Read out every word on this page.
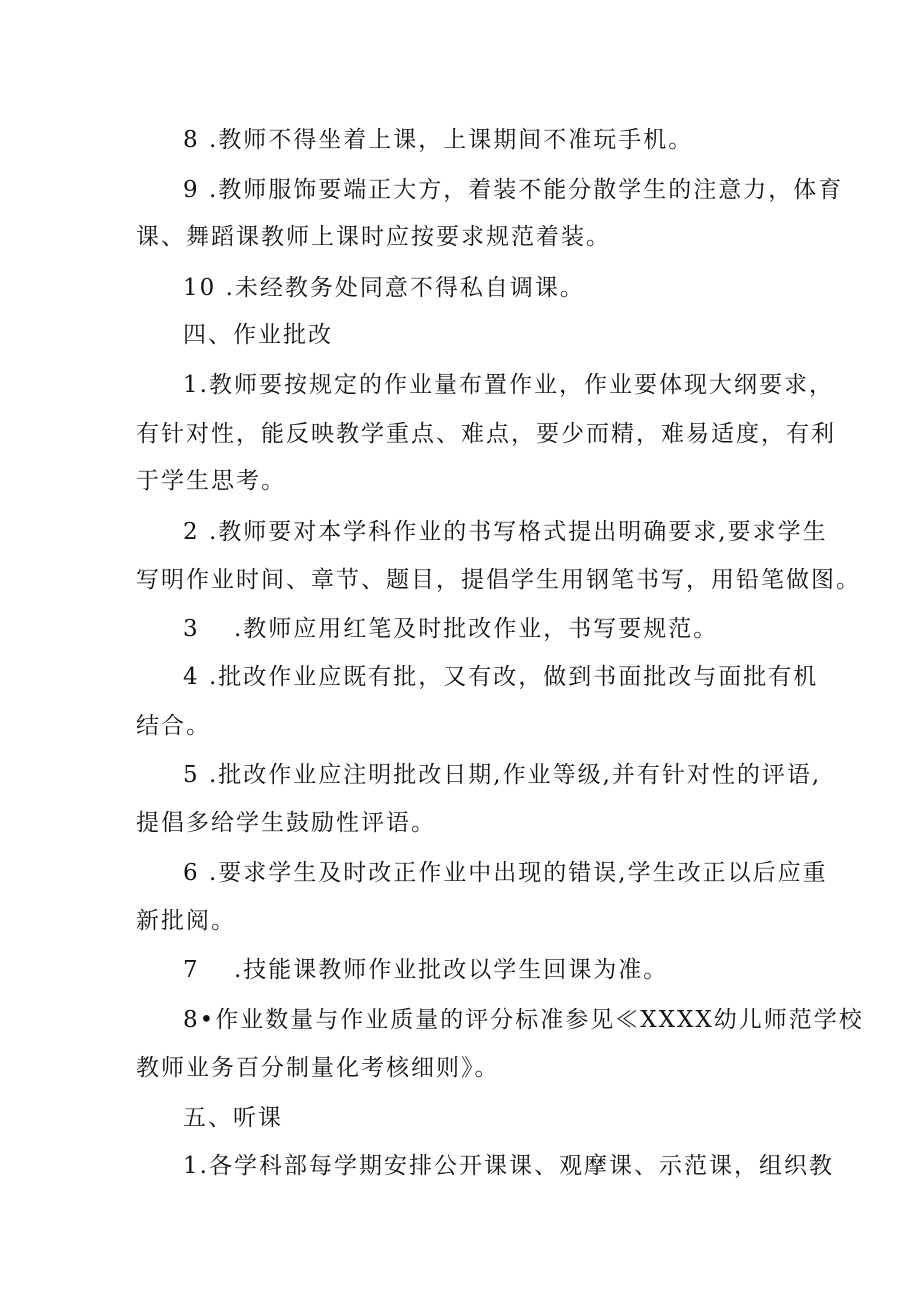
8 .教师不得坐着上课，上课期间不准玩手机。
9 .教师服饰要端正大方，着装不能分散学生的注意力，体育
课、舞蹈课教师上课时应按要求规范着装。
10 .未经教务处同意不得私自调课。
四、作业批改
1.教师要按规定的作业量布置作业，作业要体现大纲要求，
有针对性，能反映教学重点、难点，要少而精，难易适度，有利
于学生思考。
2 .教师要对本学科作业的书写格式提出明确要求,要求学生
写明作业时间、章节、题目，提倡学生用钢笔书写，用铅笔做图。
3　 .教师应用红笔及时批改作业，书写要规范。
4 .批改作业应既有批，又有改，做到书面批改与面批有机
结合。
5 .批改作业应注明批改日期,作业等级,并有针对性的评语,
提倡多给学生鼓励性评语。
6 .要求学生及时改正作业中出现的错误,学生改正以后应重
新批阅。
7　 .技能课教师作业批改以学生回课为准。
8•作业数量与作业质量的评分标准参见≪XXXX幼儿师范学校
教师业务百分制量化考核细则》。
五、听课
1.各学科部每学期安排公开课课、观摩课、示范课，组织教
